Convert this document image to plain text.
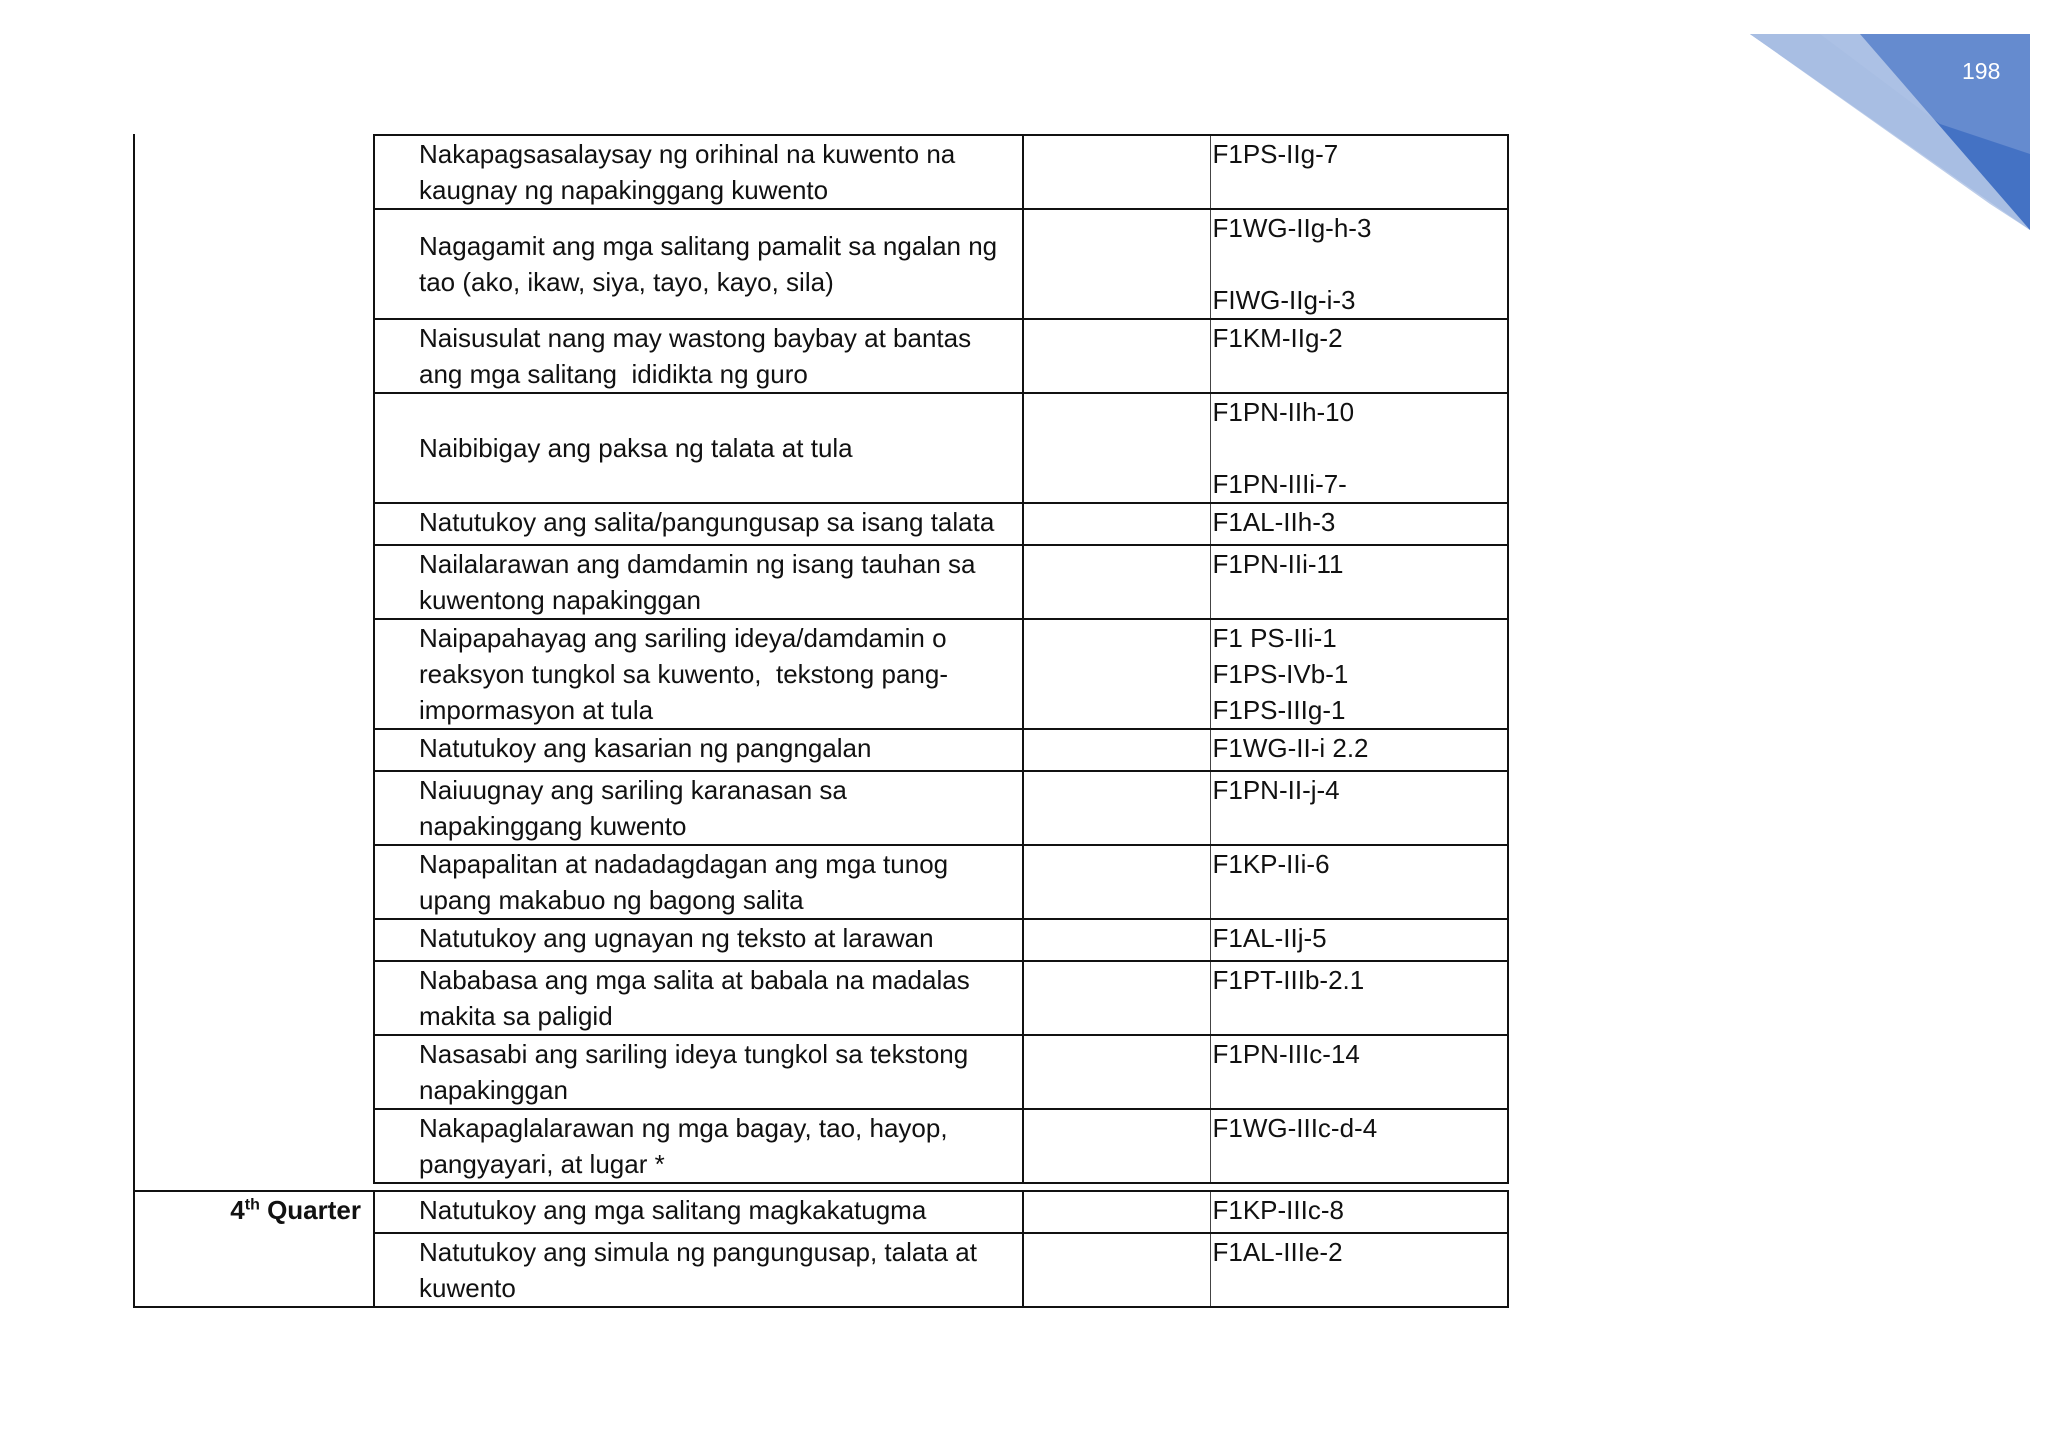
198
Nakapagsasalaysay ng orihinal na kuwento na
kaugnay ng napakinggang kuwento		F1PS-IIg-7

Nagagamit ang mga salitang pamalit sa ngalan ng
tao (ako, ikaw, siya, tayo, kayo, sila)		F1WG-IIg-h-3
FIWG-IIg-i-3

Naisusulat nang may wastong baybay at bantas
ang mga salitang  ididikta ng guro		F1KM-IIg-2

Naibibigay ang paksa ng talata at tula		F1PN-IIh-10
F1PN-IIIi-7-

Natutukoy ang salita/pangungusap sa isang talata		F1AL-IIh-3

Nailalarawan ang damdamin ng isang tauhan sa
kuwentong napakinggan		F1PN-IIi-11

Naipapahayag ang sariling ideya/damdamin o
reaksyon tungkol sa kuwento,  tekstong pang-
impormasyon at tula		F1 PS-IIi-1
F1PS-IVb-1
F1PS-IIIg-1

Natutukoy ang kasarian ng pangngalan		F1WG-II-i 2.2

Naiuugnay ang sariling karanasan sa
napakinggang kuwento		F1PN-II-j-4

Napapalitan at nadadagdagan ang mga tunog
upang makabuo ng bagong salita		F1KP-IIi-6

Natutukoy ang ugnayan ng teksto at larawan		F1AL-IIj-5

Nababasa ang mga salita at babala na madalas
makita sa paligid		F1PT-IIIb-2.1

Nasasabi ang sariling ideya tungkol sa tekstong
napakinggan		F1PN-IIIc-14

Nakapaglalarawan ng mga bagay, tao, hayop,
pangyayari, at lugar *		F1WG-IIIc-d-4
4th Quarter	Natutukoy ang mga salitang magkakatugma		F1KP-IIIc-8

	Natutukoy ang simula ng pangungusap, talata at
kuwento		F1AL-IIIe-2
